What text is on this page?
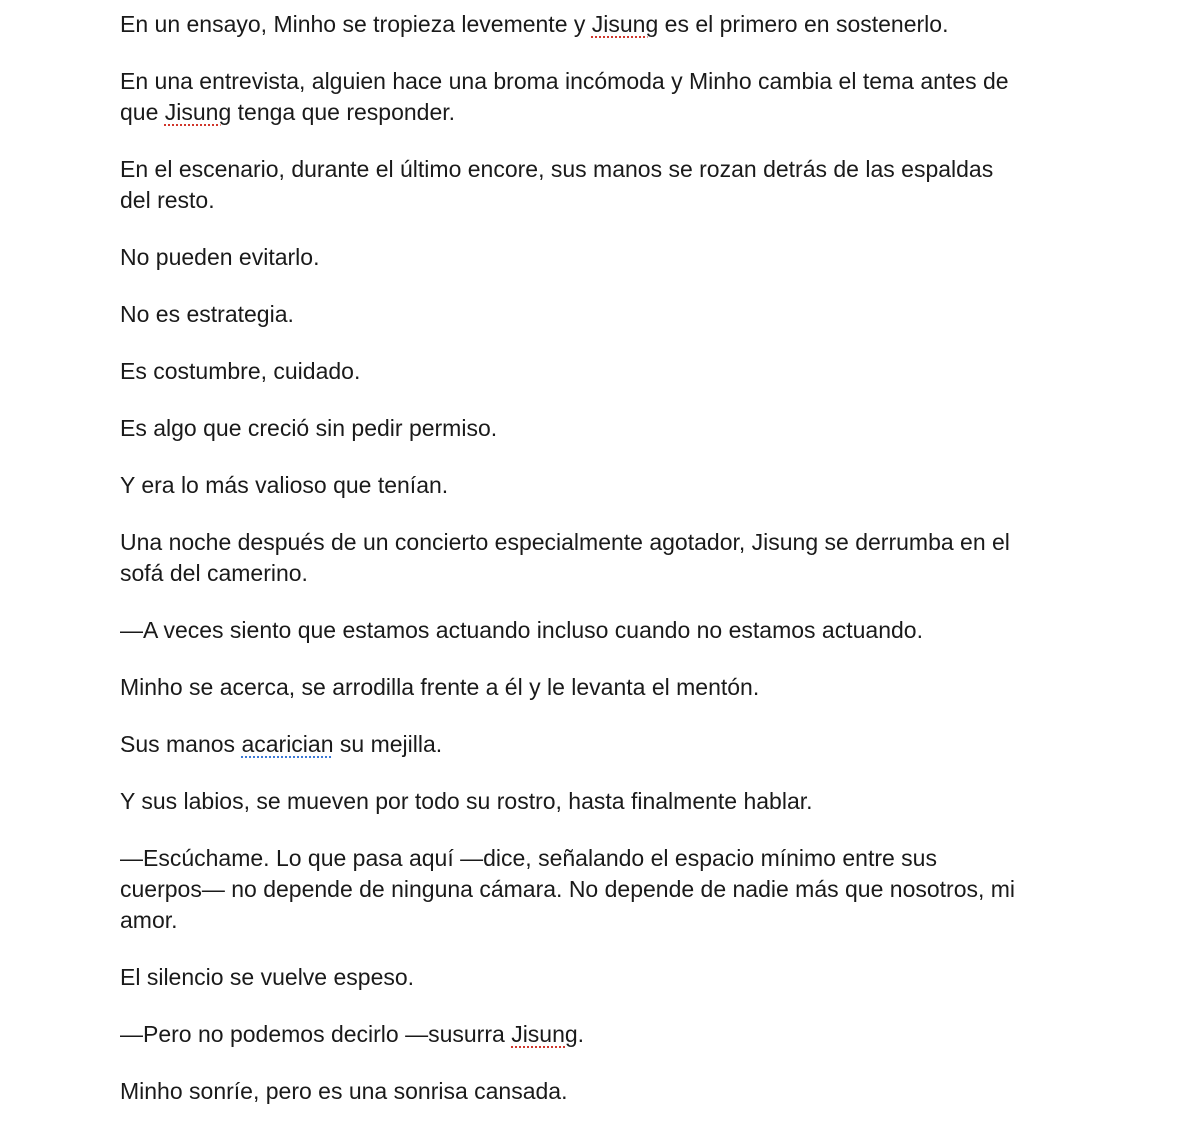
En un ensayo, Minho se tropieza levemente y Jisung es el primero en sostenerlo.

En una entrevista, alguien hace una broma incómoda y Minho cambia el tema antes de que Jisung tenga que responder.

En el escenario, durante el último encore, sus manos se rozan detrás de las espaldas del resto.

No pueden evitarlo.

No es estrategia.

Es costumbre, cuidado.

Es algo que creció sin pedir permiso.

Y era lo más valioso que tenían.

Una noche después de un concierto especialmente agotador, Jisung se derrumba en el sofá del camerino.

—A veces siento que estamos actuando incluso cuando no estamos actuando.

Minho se acerca, se arrodilla frente a él y le levanta el mentón.

Sus manos acarician su mejilla.

Y sus labios, se mueven por todo su rostro, hasta finalmente hablar.

—Escúchame. Lo que pasa aquí —dice, señalando el espacio mínimo entre sus cuerpos— no depende de ninguna cámara. No depende de nadie más que nosotros, mi amor.

El silencio se vuelve espeso.

—Pero no podemos decirlo —susurra Jisung.

Minho sonríe, pero es una sonrisa cansada.
